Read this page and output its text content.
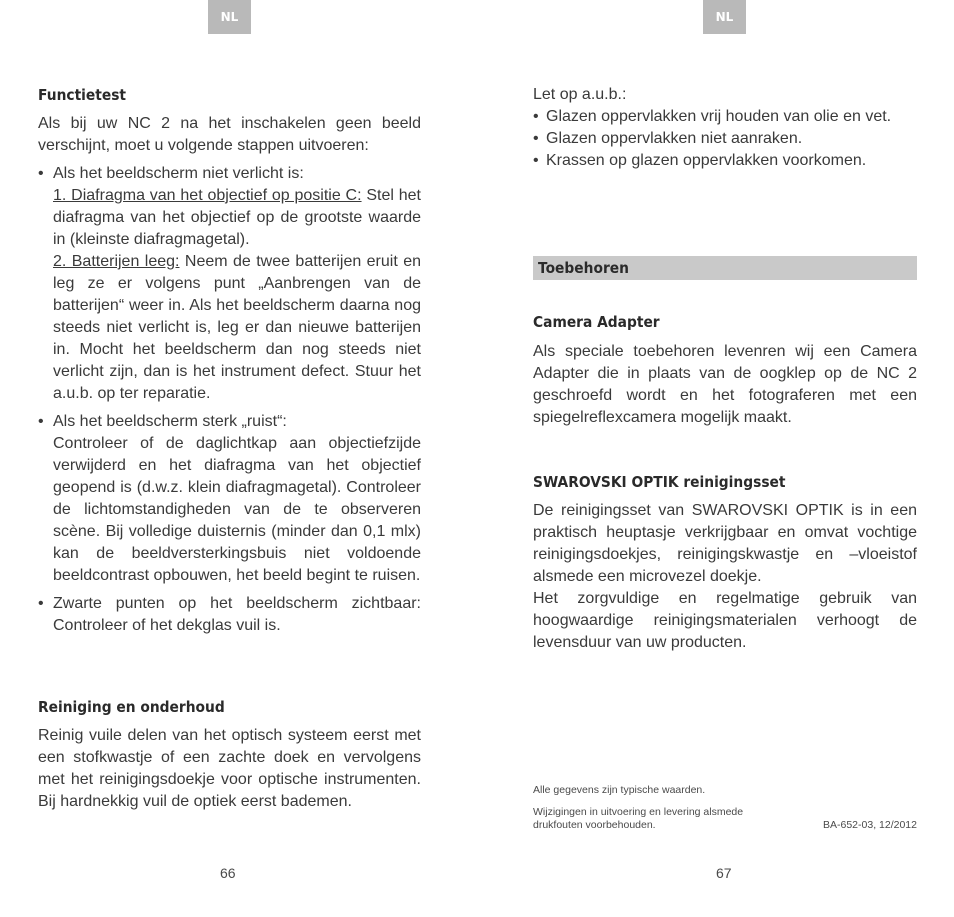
NL
Functietest

Als bij uw NC 2 na het inschakelen geen beeld verschijnt, moet u volgende stappen uitvoeren:

• Als het beeldscherm niet verlicht is:
1. Diafragma van het objectief op positie C: Stel het diafragma van het objectief op de grootste waarde in (kleinste diafragmagetal).
2. Batterijen leeg: Neem de twee batterijen eruit en leg ze er volgens punt „Aanbrengen van de batterijen“ weer in. Als het beeldscherm daarna nog steeds niet verlicht is, leg er dan nieuwe batterijen in. Mocht het beeldscherm dan nog steeds niet verlicht zijn, dan is het instrument defect. Stuur het a.u.b. op ter reparatie.
• Als het beeldscherm sterk „ruist“:
Controleer of de daglichtkap aan objectiefzijde verwijderd en het diafragma van het objectief geopend is (d.w.z. klein diafragmagetal). Controleer de lichtomstandigheden van de te observeren scène. Bij volledige duisternis (minder dan 0,1 mlx) kan de beeldversterkingsbuis niet voldoende beeldcontrast opbouwen, het beeld begint te ruisen.
• Zwarte punten op het beeldscherm zichtbaar: Controleer of het dekglas vuil is.
Reiniging en onderhoud

Reinig vuile delen van het optisch systeem eerst met een stofkwastje of een zachte doek en vervolgens met het reinigingsdoekje voor optische instrumenten. Bij hardnekkig vuil de optiek eerst bademen.

66
NL

Let op a.u.b.:

• Glazen oppervlakken vrij houden van olie en vet.
• Glazen oppervlakken niet aanraken.
• Krassen op glazen oppervlakken voorkomen.
Camera Adapter

Als speciale toebehoren levenren wij een Camera Adapter die in plaats van de oogklep op de NC 2 geschroefd wordt en het fotograferen met een spiegelreflexcamera mogelijk maakt.

SWAROVSKI OPTIK reinigingsset

De reinigingsset van SWAROVSKI OPTIK is in een praktisch heuptasje verkrijgbaar en omvat vochtige reinigingsdoekjes, reinigingskwastje en –vloeistof alsmede een microvezel doekje.

Het zorgvuldige en regelmatige gebruik van hoogwaardige reinigingsmaterialen verhoogt de levensduur van uw producten.

Alle gegevens zijn typische waarden.
Wijzigingen in uitvoering en levering alsmede
drukfouten voorbehouden.	BA-652-03, 12/2012
67
Toebehoren
